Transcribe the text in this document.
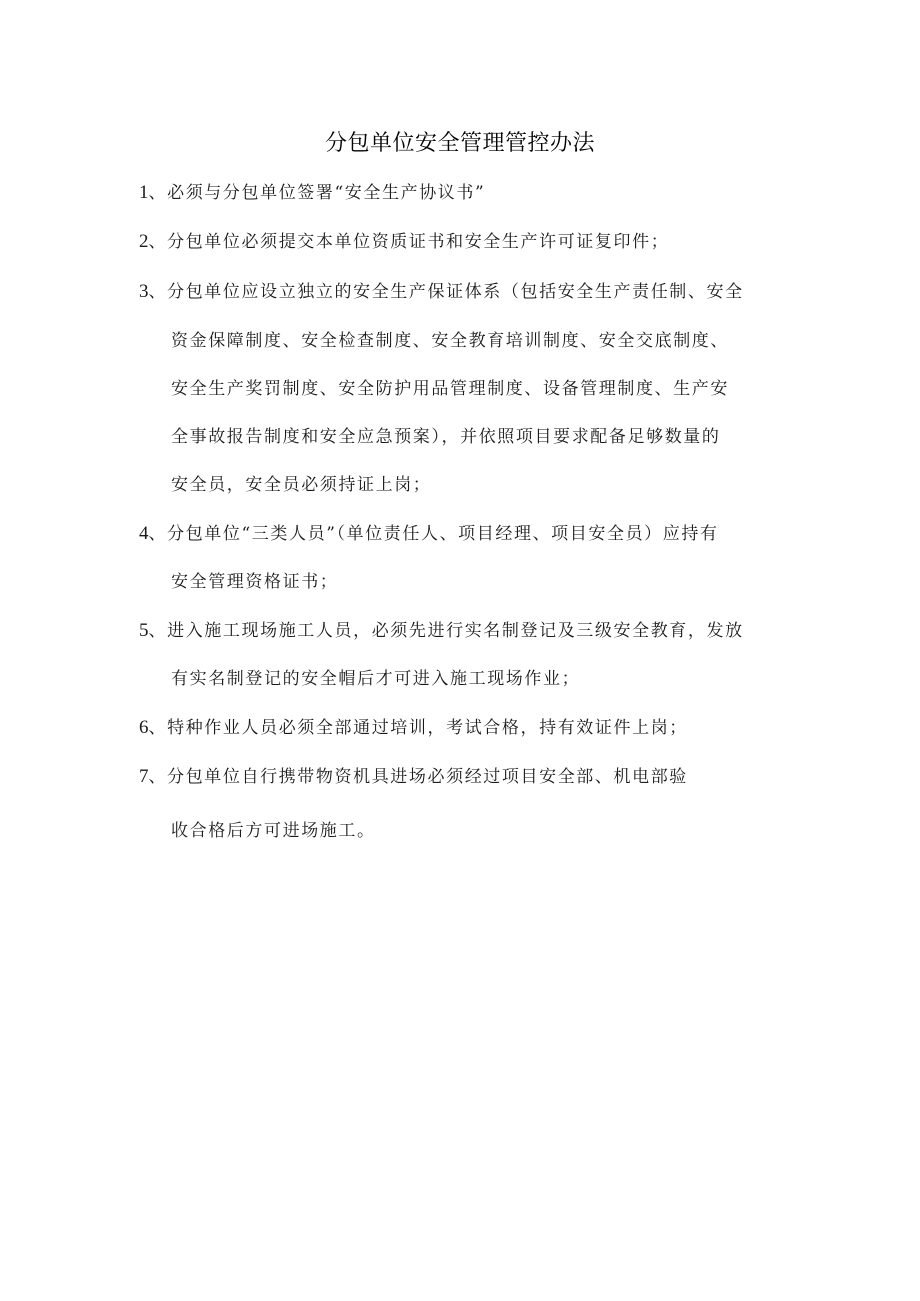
分包单位安全管理管控办法
1、必须与分包单位签署“安全生产协议书”
2、分包单位必须提交本单位资质证书和安全生产许可证复印件；
3、分包单位应设立独立的安全生产保证体系（包括安全生产责任制、安全
资金保障制度、安全检查制度、安全教育培训制度、安全交底制度、
安全生产奖罚制度、安全防护用品管理制度、设备管理制度、生产安
全事故报告制度和安全应急预案），并依照项目要求配备足够数量的
安全员，安全员必须持证上岗；
4、分包单位“三类人员”（单位责任人、项目经理、项目安全员）应持有
安全管理资格证书；
5、进入施工现场施工人员，必须先进行实名制登记及三级安全教育，发放
有实名制登记的安全帽后才可进入施工现场作业；
6、特种作业人员必须全部通过培训，考试合格，持有效证件上岗；
7、分包单位自行携带物资机具进场必须经过项目安全部、机电部验
收合格后方可进场施工。
